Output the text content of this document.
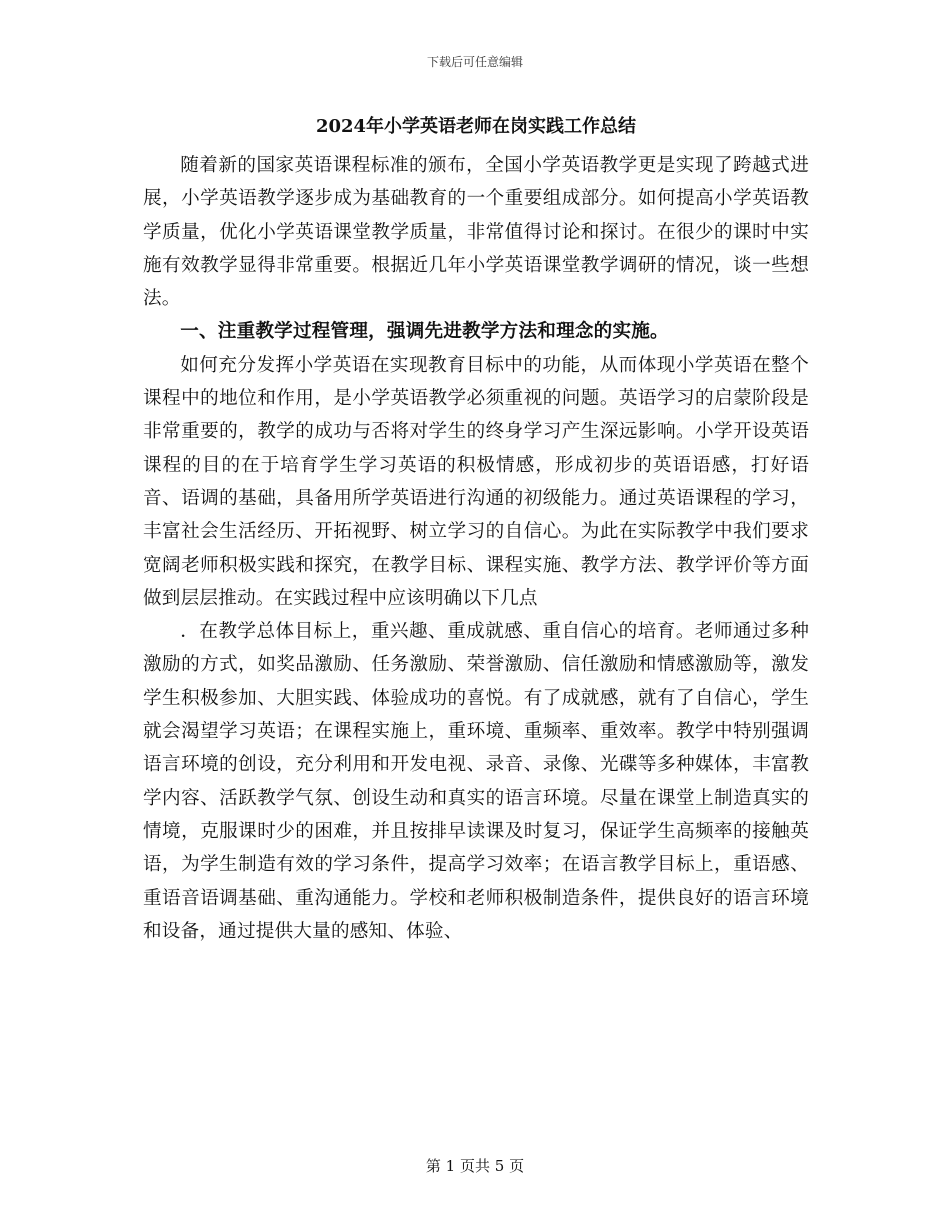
下载后可任意编辑
2024年小学英语老师在岗实践工作总结

随着新的国家英语课程标准的颁布，全国小学英语教学更是实现了跨越式进展，小学英语教学逐步成为基础教育的一个重要组成部分。如何提高小学英语教学质量，优化小学英语课堂教学质量，非常值得讨论和探讨。在很少的课时中实施有效教学显得非常重要。根据近几年小学英语课堂教学调研的情况，谈一些想法。

一、注重教学过程管理，强调先进教学方法和理念的实施。

如何充分发挥小学英语在实现教育目标中的功能，从而体现小学英语在整个课程中的地位和作用，是小学英语教学必须重视的问题。英语学习的启蒙阶段是非常重要的，教学的成功与否将对学生的终身学习产生深远影响。小学开设英语课程的目的在于培育学生学习英语的积极情感，形成初步的英语语感，打好语音、语调的基础，具备用所学英语进行沟通的初级能力。通过英语课程的学习，丰富社会生活经历、开拓视野、树立学习的自信心。为此在实际教学中我们要求宽阔老师积极实践和探究，在教学目标、课程实施、教学方法、教学评价等方面做到层层推动。在实践过程中应该明确以下几点

．在教学总体目标上，重兴趣、重成就感、重自信心的培育。老师通过多种激励的方式，如奖品激励、任务激励、荣誉激励、信任激励和情感激励等，激发学生积极参加、大胆实践、体验成功的喜悦。有了成就感，就有了自信心，学生就会渴望学习英语；在课程实施上，重环境、重频率、重效率。教学中特别强调语言环境的创设，充分利用和开发电视、录音、录像、光碟等多种媒体，丰富教学内容、活跃教学气氛、创设生动和真实的语言环境。尽量在课堂上制造真实的情境，克服课时少的困难，并且按排早读课及时复习，保证学生高频率的接触英语，为学生制造有效的学习条件，提高学习效率；在语言教学目标上，重语感、重语音语调基础、重沟通能力。学校和老师积极制造条件，提供良好的语言环境和设备，通过提供大量的感知、体验、

第 1 页共 5 页
